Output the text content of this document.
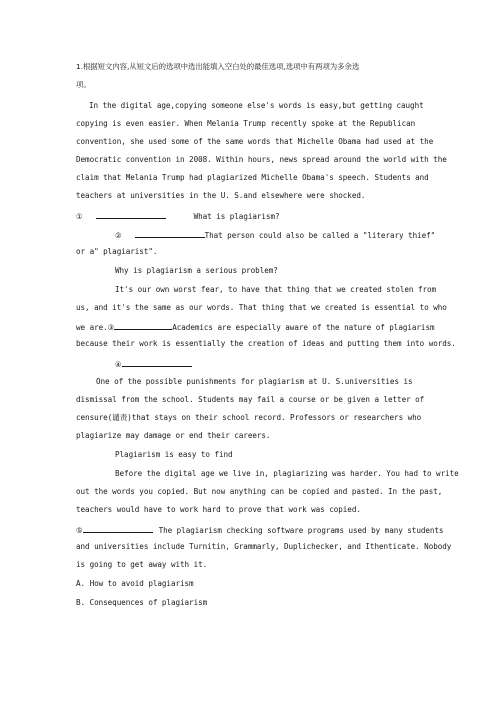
1.根据短文内容,从短文后的选项中选出能填入空白处的最佳选项,选项中有两项为多余选
项。
In the digital age,copying someone else's words is easy,but getting caught
copying is even easier. When Melania Trump recently spoke at the Republican
convention, she used some of the same words that Michelle Obama had used at the
Democratic convention in 2008. Within hours, news spread around the world with the
claim that Melania Trump had plagiarized Michelle Obama's speech. Students and
teachers at universities in the U. S.and elsewhere were shocked.
①	What is plagiarism?
②	That person could also be called a "literary thief"
or a" plagiarist".
Why is plagiarism a serious problem?
It's our own worst fear, to have that thing that we created stolen from
us, and it's the same as our words. That thing that we created is essential to who
we are.③	Academics are especially aware of the nature of plagiarism
because their work is essentially the creation of ideas and putting them into words.
④
One of the possible punishments for plagiarism at U. S.universities is
dismissal from the school. Students may fail a course or be given a letter of
censure(谴责)that stays on their school record. Professors or researchers who
plagiarize may damage or end their careers.
Plagiarism is easy to find
Before the digital age we live in, plagiarizing was harder. You had to write
out the words you copied. But now anything can be copied and pasted. In the past,
teachers would have to work hard to prove that work was copied.
⑤	The plagiarism checking software programs used by many students
and universities include Turnitin, Grammarly, Duplichecker, and Ithenticate. Nobody
is going to get away with it.
A. How to avoid plagiarism
B. Consequences of plagiarism
